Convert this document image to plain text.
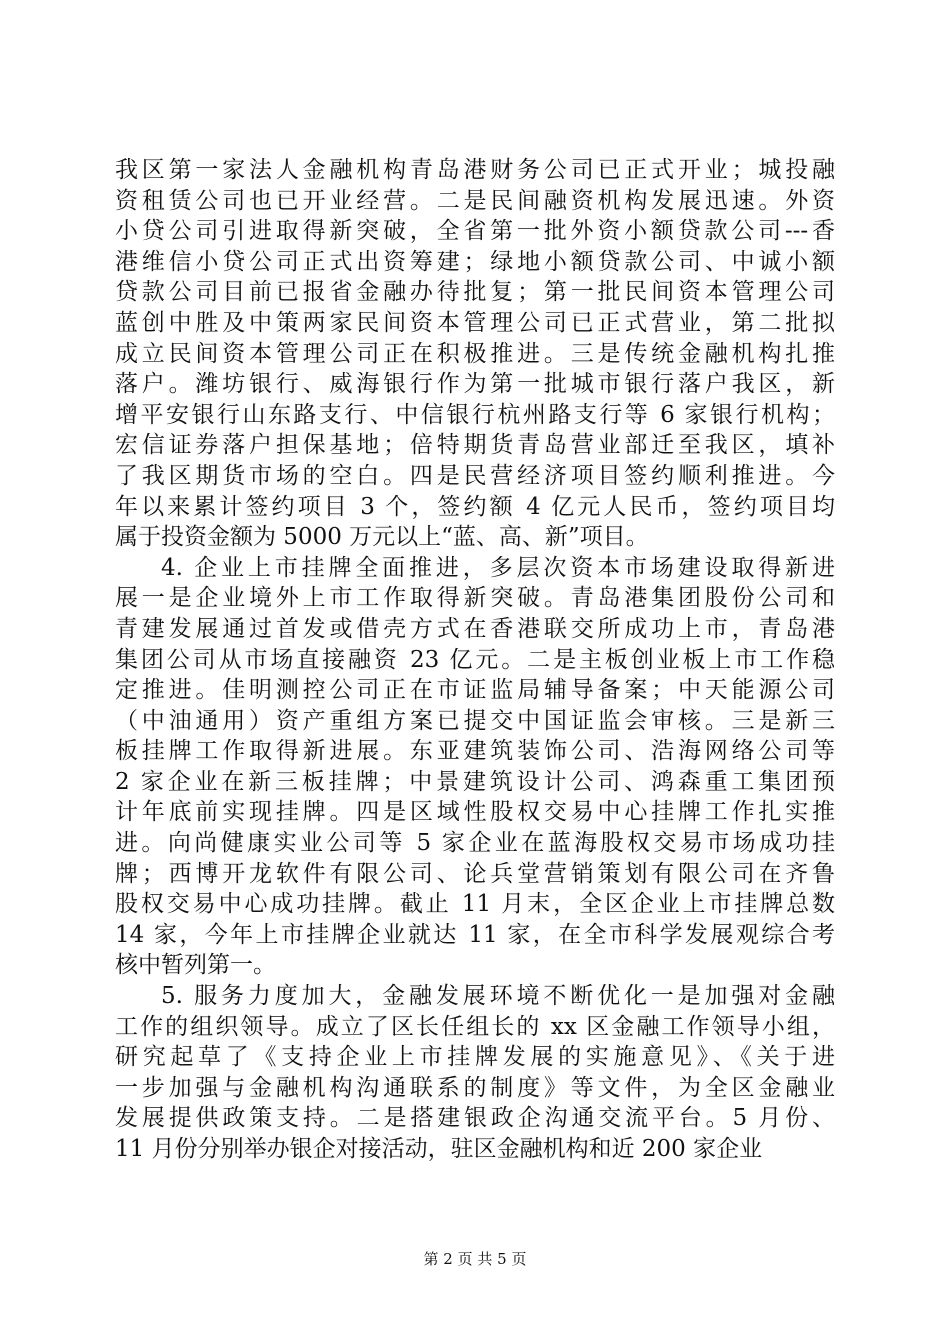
我区第一家法人金融机构青岛港财务公司已正式开业；城投融
资租赁公司也已开业经营。二是民间融资机构发展迅速。外资
小贷公司引进取得新突破，全省第一批外资小额贷款公司---香
港维信小贷公司正式出资筹建；绿地小额贷款公司、中诚小额
贷款公司目前已报省金融办待批复；第一批民间资本管理公司
蓝创中胜及中策两家民间资本管理公司已正式营业，第二批拟
成立民间资本管理公司正在积极推进。三是传统金融机构扎推
落户。潍坊银行、威海银行作为第一批城市银行落户我区，新
增平安银行山东路支行、中信银行杭州路支行等 6 家银行机构；
宏信证券落户担保基地；倍特期货青岛营业部迁至我区，填补
了我区期货市场的空白。四是民营经济项目签约顺利推进。今
年以来累计签约项目 3 个，签约额 4 亿元人民币，签约项目均
属于投资金额为 5000 万元以上“蓝、高、新”项目。
4. 企业上市挂牌全面推进，多层次资本市场建设取得新进
展一是企业境外上市工作取得新突破。青岛港集团股份公司和
青建发展通过首发或借壳方式在香港联交所成功上市，青岛港
集团公司从市场直接融资 23 亿元。二是主板创业板上市工作稳
定推进。佳明测控公司正在市证监局辅导备案；中天能源公司
（中油通用）资产重组方案已提交中国证监会审核。三是新三
板挂牌工作取得新进展。东亚建筑装饰公司、浩海网络公司等
2 家企业在新三板挂牌；中景建筑设计公司、鸿森重工集团预
计年底前实现挂牌。四是区域性股权交易中心挂牌工作扎实推
进。向尚健康实业公司等 5 家企业在蓝海股权交易市场成功挂
牌；西博开龙软件有限公司、论兵堂营销策划有限公司在齐鲁
股权交易中心成功挂牌。截止 11 月末，全区企业上市挂牌总数
14 家，今年上市挂牌企业就达 11 家，在全市科学发展观综合考
核中暂列第一。
5. 服务力度加大，金融发展环境不断优化一是加强对金融
工作的组织领导。成立了区长任组长的 xx 区金融工作领导小组，
研究起草了《支持企业上市挂牌发展的实施意见》、《关于进
一步加强与金融机构沟通联系的制度》等文件，为全区金融业
发展提供政策支持。二是搭建银政企沟通交流平台。5 月份、
11 月份分别举办银企对接活动，驻区金融机构和近 200 家企业
第 2 页 共 5 页
